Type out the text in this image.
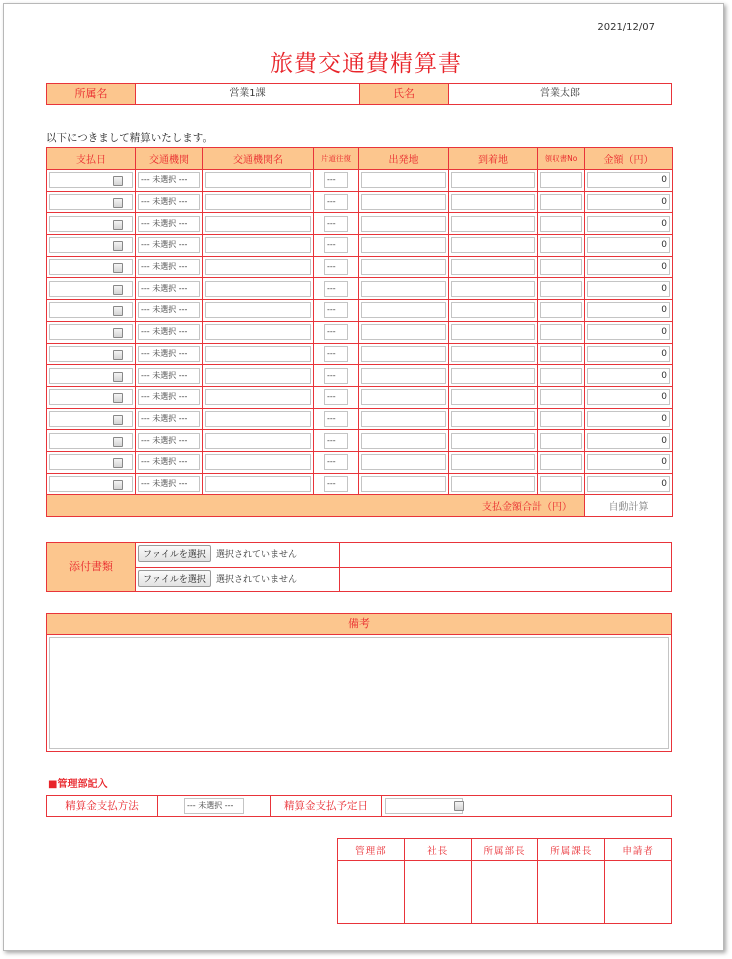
2021/12/07
旅費交通費精算書
所属名	営業1課	氏名	営業太郎
以下につきまして精算いたします。
支払日	交通機関	交通機関名	片道往復	出発地	到着地	領収書No	金額（円）

	--- 未選択 ---		---				0

	--- 未選択 ---		---				0

	--- 未選択 ---		---				0

	--- 未選択 ---		---				0

	--- 未選択 ---		---				0

	--- 未選択 ---		---				0

	--- 未選択 ---		---				0

	--- 未選択 ---		---				0

	--- 未選択 ---		---				0

	--- 未選択 ---		---				0

	--- 未選択 ---		---				0

	--- 未選択 ---		---				0

	--- 未選択 ---		---				0

	--- 未選択 ---		---				0

	--- 未選択 ---		---				0

支払金額合計（円）							自動計算
添付書類
ファイルを選択 選択されていません
ファイルを選択 選択されていません
備考
■管理部記入
精算金支払方法	--- 未選択 ---	精算金支払予定日
管理部	社長	所属部長	所属課長	申請者
